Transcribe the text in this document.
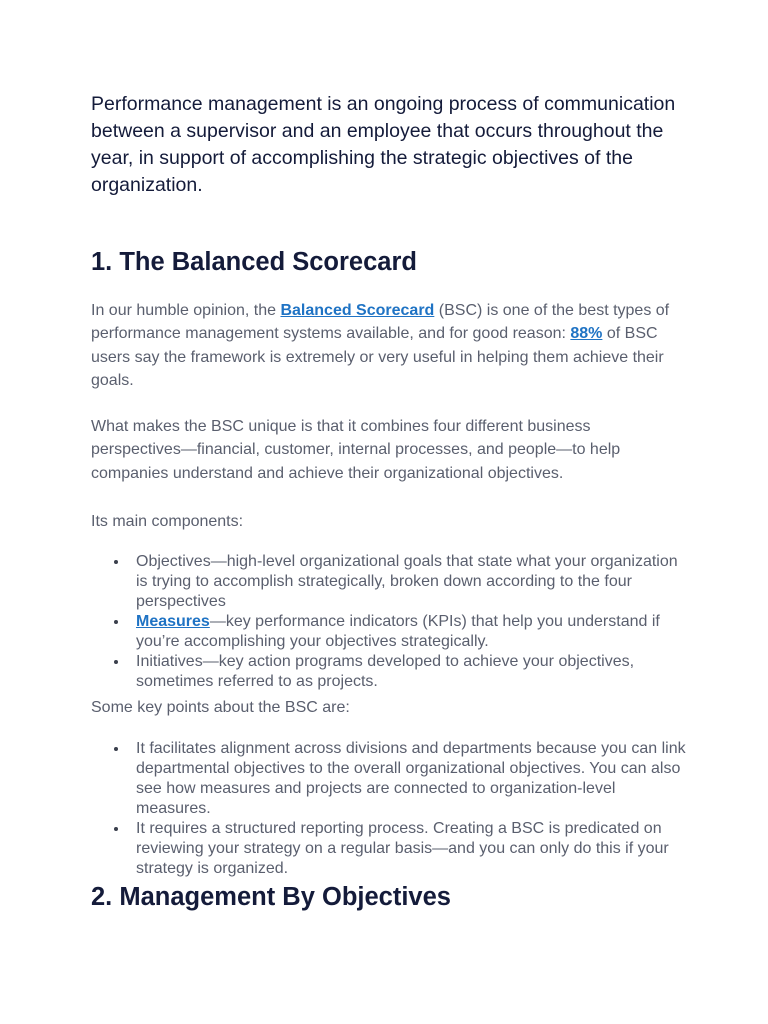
Performance management is an ongoing process of communication between a supervisor and an employee that occurs throughout the year, in support of accomplishing the strategic objectives of the organization.

1. The Balanced Scorecard

In our humble opinion, the Balanced Scorecard (BSC) is one of the best types of performance management systems available, and for good reason: 88% of BSC users say the framework is extremely or very useful in helping them achieve their goals.

What makes the BSC unique is that it combines four different business perspectives—financial, customer, internal processes, and people—to help companies understand and achieve their organizational objectives.

Its main components:

Objectives—high-level organizational goals that state what your organization is trying to accomplish strategically, broken down according to the four perspectives
Measures—key performance indicators (KPIs) that help you understand if you’re accomplishing your objectives strategically.
Initiatives—key action programs developed to achieve your objectives, sometimes referred to as projects.

Some key points about the BSC are:

It facilitates alignment across divisions and departments because you can link departmental objectives to the overall organizational objectives. You can also see how measures and projects are connected to organization-level measures.
It requires a structured reporting process. Creating a BSC is predicated on reviewing your strategy on a regular basis—and you can only do this if your strategy is organized.
2. Management By Objectives
